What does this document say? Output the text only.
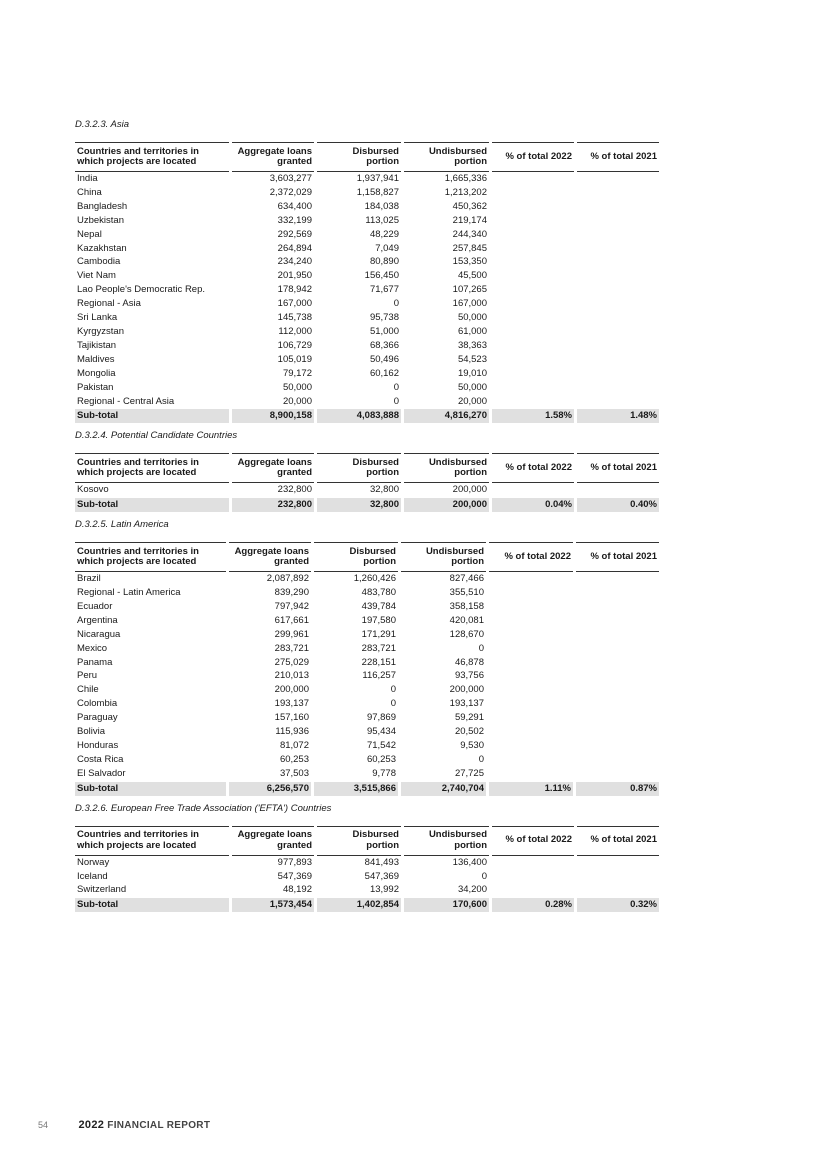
D.3.2.3. Asia

Countries and territories in which projects are located		Aggregate loans granted		Disbursed portion		Undisbursed portion		% of total 2022		% of total 2021
India		3,603,277		1,937,941		1,665,336				
China		2,372,029		1,158,827		1,213,202				
Bangladesh		634,400		184,038		450,362				
Uzbekistan		332,199		113,025		219,174				
Nepal		292,569		48,229		244,340				
Kazakhstan		264,894		7,049		257,845				
Cambodia		234,240		80,890		153,350				
Viet Nam		201,950		156,450		45,500				
Lao People's Democratic Rep.		178,942		71,677		107,265				
Regional - Asia		167,000		0		167,000				
Sri Lanka		145,738		95,738		50,000				
Kyrgyzstan		112,000		51,000		61,000				
Tajikistan		106,729		68,366		38,363				
Maldives		105,019		50,496		54,523				
Mongolia		79,172		60,162		19,010				
Pakistan		50,000		0		50,000				
Regional - Central Asia		20,000		0		20,000				
Sub-total		8,900,158		4,083,888		4,816,270		1.58%		1.48%

D.3.2.4. Potential Candidate Countries

Countries and territories in which projects are located		Aggregate loans granted		Disbursed portion		Undisbursed portion		% of total 2022		% of total 2021
Kosovo		232,800		32,800		200,000				
Sub-total		232,800		32,800		200,000		0.04%		0.40%

D.3.2.5. Latin America

Countries and territories in which projects are located		Aggregate loans granted		Disbursed portion		Undisbursed portion		% of total 2022		% of total 2021
Brazil		2,087,892		1,260,426		827,466				
Regional - Latin America		839,290		483,780		355,510				
Ecuador		797,942		439,784		358,158				
Argentina		617,661		197,580		420,081				
Nicaragua		299,961		171,291		128,670				
Mexico		283,721		283,721		0				
Panama		275,029		228,151		46,878				
Peru		210,013		116,257		93,756				
Chile		200,000		0		200,000				
Colombia		193,137		0		193,137				
Paraguay		157,160		97,869		59,291				
Bolivia		115,936		95,434		20,502				
Honduras		81,072		71,542		9,530				
Costa Rica		60,253		60,253		0				
El Salvador		37,503		9,778		27,725				
Sub-total		6,256,570		3,515,866		2,740,704		1.11%		0.87%

D.3.2.6. European Free Trade Association ('EFTA') Countries

Countries and territories in which projects are located		Aggregate loans granted		Disbursed portion		Undisbursed portion		% of total 2022		% of total 2021
Norway		977,893		841,493		136,400				
Iceland		547,369		547,369		0				
Switzerland		48,192		13,992		34,200				
Sub-total		1,573,454		1,402,854		170,600		0.28%		0.32%
54	2022 FINANCIAL REPORT
